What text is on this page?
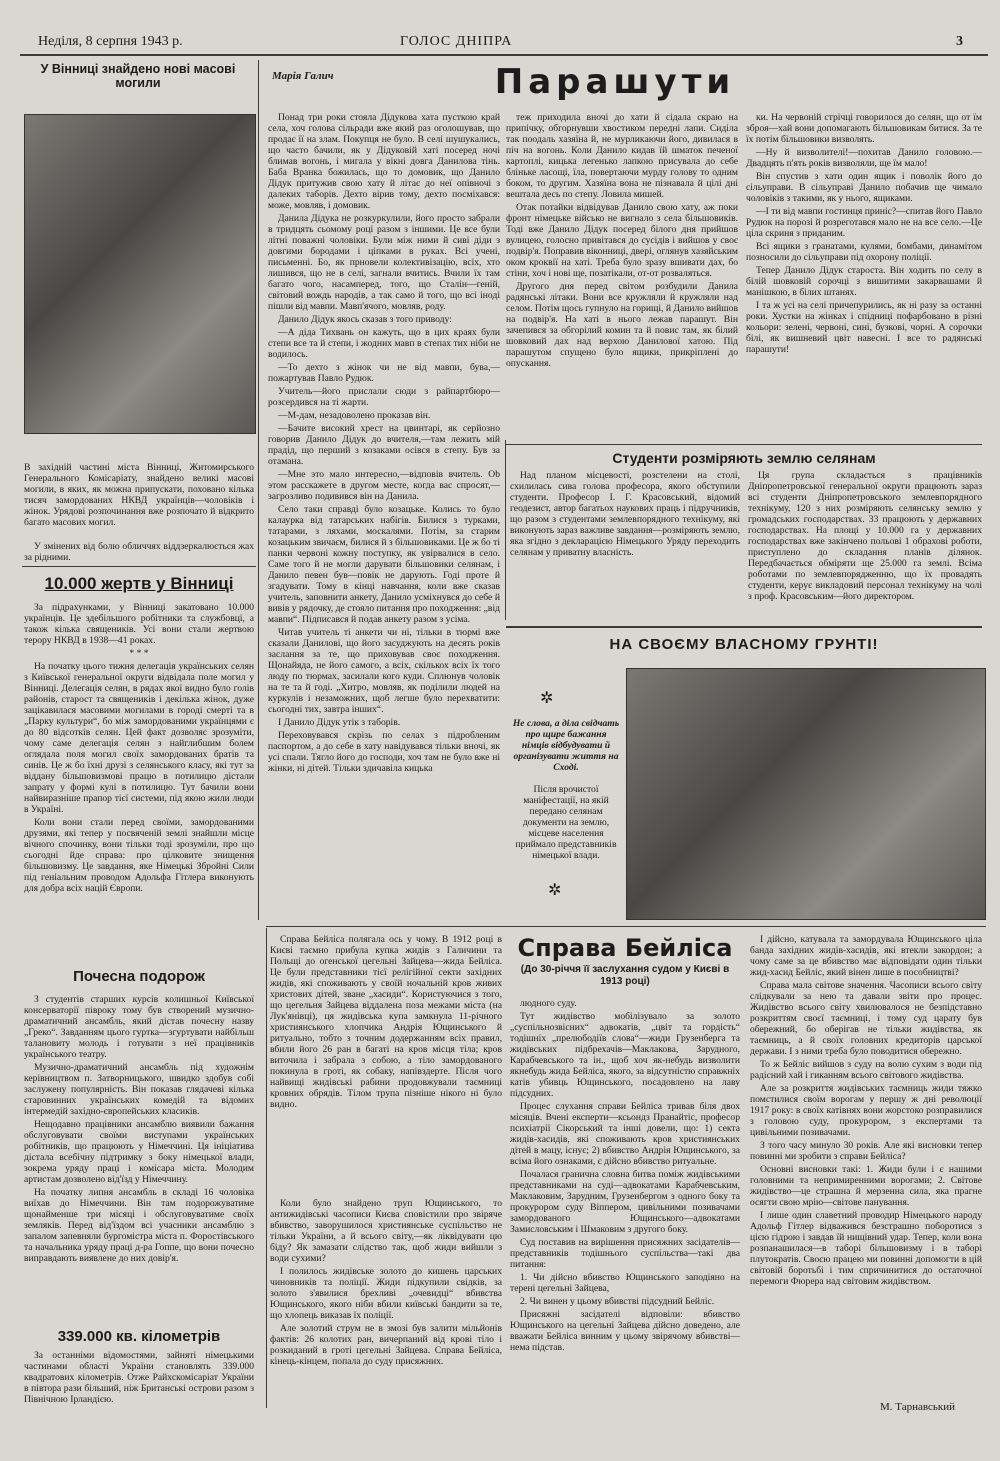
Неділя, 8 серпня 1943 р.	ГОЛОС ДНІПРА	3
У Вінниці знайдено нові масові могили
В західній частині міста Вінниці, Житомирського Генерального Комісаріату, знайдено великі масові могили, в яких, як можна припускати, поховано кілька тисяч замордованих НКВД українців—чоловіків і жінок. Урядові розпочинання вже розпочато й відкрито багато масових могил.
У змінених від болю обличчях віддзеркалюється жах за рідними.
10.000 жертв у Вінниці

За підрахунками, у Вінниці закатовано 10.000 українців. Це здебільшого робітники та службовці, а також кілька священиків. Усі вони стали жертвою терору НКВД в 1938—41 роках.

* * *

На початку цього тижня делегація українських селян з Київської генеральної округи відвідала поле могил у Вінниці. Делегація селян, в рядах якої видно було голів районів, старост та священиків і декілька жінок, дуже зацікавилася масовими могилами в городі смерті та в „Парку культури“, бо між замордованими українцями є до 80 відсотків селян. Цей факт дозволяє зрозуміти, чому саме делегація селян з найглибшим болем оглядала поля могил своїх замордованих братів та синів. Це ж бо їхні друзі з селянського класу, які тут за віддану більшовизмові працю в потилицю дістали запрату у формі кулі в потилицю. Тут бачили вони найвиразніше прапор тієї системи, під якою жили люди в Україні.

Коли вони стали перед своїми, замордованими друзями, які тепер у посвяченій землі знайшли місце вічного спочинку, вони тільки тоді зрозуміли, про що сьогодні йде справа: про цілковите знищення більшовизму. Це завдання, яке Німецькі Збройні Сили під геніальним проводом Адольфа Гітлера виконують для добра всіх націй Європи.

Почесна подорож

З студентів старших курсів колишньої Київської консерваторії півроку тому був створений музично-драматичний ансамбль, який дістав почесну назву „Греко“. Завданням цього гуртка—згуртувати найбільш талановиту молодь і готувати з неї працівників українського театру.

Музично-драматичний ансамбль під художнім керівництвом п. Затворницького, швидко здобув собі заслужену популярність. Він показав глядачеві кілька старовинних українських комедій та відомих інтермедій західно-європейських класиків.

Нещодавно працівники ансамблю виявили бажання обслуговувати своїми виступами українських робітників, що працюють у Німеччині. Ця ініціатива дістала всебічну підтримку з боку німецької влади, зокрема уряду праці і комісара міста. Молодим артистам дозволено від'їзд у Німеччину.

На початку липня ансамбль в складі 16 чоловіка виїхав до Німеччини. Він там подорожуватиме щонайменше три місяці і обслуговуватиме своїх земляків. Перед від'їздом всі учасники ансамблю з запалом запевняли бургомістра міста п. Форостівського та начальника уряду праці д-ра Гоппе, що вони почесно виправдають виявлене до них довір'я.

339.000 кв. кілометрів

За останніми відомостями, зайняті німецькими частинами області України становлять 339.000 квадратових кілометрів. Отже Райхскомісаріат України в півтора рази більший, ніж Британські острови разом з Північною Ірландією.

Марія Галич	Парашути

Понад три роки стояла Дідукова хата пусткою край села, хоч голова сільради вже який раз оголошував, що продає її на злам. Покупця не було. В селі шушукались, що часто бачили, як у Дідуковій хаті посеред ночі блимав вогонь, і мигала у вікні довга Данилова тінь. Баба Вранка божилась, що то домовик, що Данило Дідук притужив свою хату й літає до неї опівночі з далеких таборів. Дехто вірив тому, дехто посміхався: може, мовляв, і домовик.

Данила Дідука не розкуркулили, його просто забрали в тридцять сьомому році разом з іншими. Це все були літні поважні чоловіки. Були між ними й сиві діди з довгими бородами і ціпками в руках. Всі учені, письменні. Бо, як прновели колективізацію, всіх, хто лишився, що не в селі, загнали вчитись. Вчили їх там багато чого, насамперед, того, що Сталін—геній, світовий вождь народів, а так само й того, що всі іноді пішли від мавпи. Мавп'ячого, мовляв, роду.

Данило Дідук якось сказав з того приводу:

—А діда Тихвань он кажуть, що в цих краях були степи все та й степи, і жодних мавп в степах тих ніби не водилось.

—То дехто з жінок чи не від мавпи, бува,—пожартував Павло Рудюк.

Учитель—його прислали сюди з райпартбюро—розсердився на ті жарти.

—М-дам, незадоволено проказав він.

—Бачите високий хрест на цвинтарі, як серйозно говорив Данило Дідук до вчителя,—там лежить мій прадід, що перший з козаками осівся в степу. Був за отамана.

—Мне это мало интересно,—відповів вчитель. Ob этом расскажете в другом месте, когда вас спросят,—загрозливо подивився він на Данила.

Село таки справді було козацьке. Колись то було калаурка від татарських набігів. Билися з турками, татарами, з ляхами, москалями. Потім, за старим козацьким звичаєм, билися й з більшовиками. Це ж бо ті панки червоні кожну поступку, як увірвалися в село. Саме того й не могли дарувати більшовики селянам, і Данило певен був—повік не дарують. Годі проте й згадувати. Тому в кінці навчання, коли вже сказав учитель, заповнити анкету, Данило усміхнувся до себе й вивів у рядочку, де стояло питання про походження: „від мавпи“. Підписався й подав анкету разом з усіма.

Читав учитель ті анкети чи ні, тільки в тюрмі вже сказали Данилові, що його засуджують на десять років заслання за те, що приховував своє походження. Щонайяда, не його самого, а всіх, скількох всіх їх того люду по тюрмах, засилали кого куди. Сплюнув чоловік на те та й годі. „Хитро, мовляв, як поділили людей на куркулів і незаможних, щоб легше було перехватити: сьогодні тих, завтра інших“.

І Данило Дідук утік з таборів.

Переховувався скрізь по селах з підробленим паспортом, а до себе в хату навідувався тільки вночі, як усі спали. Тягло його до господи, хоч там не було вже ні жінки, ні дітей. Тільки здичавіла кицька

теж приходила вночі до хати й сідала скраю на припічку, обгорнувши хвостиком передні лапи. Сиділа так поодаль хазяїна й, не мурликаючи його, дивилася в піч на вогонь. Коли Данило кидав їй шматок печеної картоплі, кицька легенько лапкою присувала до себе бліньке ласощі, їла, повертаючи мурду голову то одним боком, то другим. Хазяїна вона не пізнавала й цілі дні вештала десь по степу. Ловила мишей.

Отак потайки відвідував Данило свою хату, аж поки фронт німецьке військо не вигнало з села більшовиків. Тоді вже Данило Дідук посеред білого дня прийшов вулицею, голосно привітався до сусідів і вийшов у своє подвір'я. Поправив віконниці, двері, оглянув хазяйським оком кроквії на хаті. Треба було зразу вшивати дах, бо стіни, хоч і нові ще, позатікали, от-от розваляться.

Другого дня перед світом розбудили Данила радянські літаки. Вони все кружляли й кружляли над селом. Потім щось гупнуло на горищі, й Данило вийшов на подвір'я. На хаті в нього лежав парашут. Він зачепився за обгорілий комин та й повис там, як білий шовковий дах над верхою Данилової хатою. Під парашутом спущено було ящики, прикріплені до опускання.

ки. На червоній стрічці говорилося до селян, що от їм зброя—хай вони допомагають більшовикам битися. За те їх потім більшовики визволять.

—Ну й визволителі!—похитав Данило головою.—Двадцять п'ять років визволяли, ще їм мало!

Він спустив з хати один ящик і поволік його до сільуправи. В сільуправі Данило побачив ще чимало чоловіків з такими, як у нього, ящиками.

—І ти від мавпи гостинця приніс?—спитав його Павло Рудюк на порозі й розреготався мало не на все село.—Це ціла скриня з приданим.

Всі ящики з гранатами, кулями, бомбами, динамітом позносили до сільуправи під охорону поліції.

Тепер Данило Дідук староста. Він ходить по селу в білій шовковій сорочці з вишитими закарвашами й манішкою, в білих штанях.

І та ж усі на селі причепурились, як ні разу за останні роки. Хустки на жінках і спідниці пофарбовано в різні кольори: зелені, червоні, сині, бузкові, чорні. А сорочки білі, як вишневий цвіт навесні. І все то радянські парашути!

Студенти розміряють землю селянам

Над планом місцевості, розстелени на столі, схилилась сива голова професора, якого обступили студенти. Професор І. Г. Красовський, відомий геодезист, автор багатьох наукових праць і підручників, що разом з студентами землевпорядного технікуму, які виконують зараз важливе завдання—розміряють землю, яка згідно з декларацією Німецького Уряду переходить селянам у приватну власність.

Ця група складається з працівників Дніпропетровської генеральної округи працюють зараз всі студенти Дніпропетровського землевпорядного технікуму, 120 з них розміряють селянську землю у громадських господарствах. 33 працюють у державних господарствах. На площі у 10.000 га у державних господарствах вже закінчено польові 1 обрахові роботи, приступлено до складання планів ділянок. Передбачається обміряти ще 25.000 га землі. Всіма роботами по землевпорядженню, що їх провадять студенти, керує викладовий персонал технікуму на чолі з проф. Красовським—його директором.

НА СВОЄМУ ВЛАСНОМУ ГРУНТІ!
✲
Не слова, а діла свідчать про щире бажання німців відбудувати й організувати життя на Сході.
Після врочистої маніфестації, на якій передано селянам документи на землю, місцеве населення приймало представників німецької влади.
✲
Справа Бейліса
(До 30-річчя її заслухання судом у Києві в 1913 році)

Справа Бейліса полягала ось у чому. В 1912 році в Києві таємно прибула купка жидів з Галичини та Польщі до огенської цегельні Зайцева—жида Бейліса. Це були представники тієї релігійної секти західних жидів, які споживають у своїй ночальній кров живих христових дітей, зване „хасиди“. Користуючися з того, що цегельня Зайцева віддалена поза межами міста (на Лук'янівці), ця жидівська купа замкнула 11-річного християнського хлопчика Андрія Ющинського й ритуально, тобто з точним додержанням всіх правил, вбили його 26 ран в багаті на кров місця тіла; кров виточила і забрала з собою, а тіло замордованого покинула в гроті, як собаку, напівздерте. Після чого найвищі жидівські рабини продовжували таємниці кровних обрядів. Тілом трупа пізніше нікого ні було видно.

Коли було знайдено труп Ющинського, то антижидівські часописи Києва сповістили про звіряче вбивство, заворушилося християнське суспільство не тільки України, а й всього світу,—як ліквідувати цю біду? Як замазати слідство так, щоб жиди вийшли з води сухими?

І полилось жидівське золото до кишень царських чиновників та поліції. Жиди підкупили свідків, за золото з'явилися брехливі „очевидці“ вбивства Ющинського, якого ніби вбили київські бандити за те, що хлопець виказав їх поліції.

Але золотий струм не в змозі був залити мільйонів фактів: 26 колотих ран, вичерпаний від крові тіло і розкиданий в гроті цегельні Зайцева. Справа Бейліса, кінець-кінцем, попала до суду присяжних.

людного суду.

Тут жидівство мобілізувало за золото „суспільнозвісних“ адвокатів, „цвіт та гордість“ тодішніх „прелюбодіїв слова“—жиди Грузенберга та жидівських підбрехачів—Маклакова, Зарудного, Карабчевського та ін., щоб хоч як-небудь визволити якнебудь жида Бейліса, якого, за відсутністю справжніх катів убивць Ющинського, посадовлено на лаву підсудних.

Процес слухання справи Бейліса тривав біля двох місяців. Вчені експерти—ксьондз Пранайтіс, професор психіатрії Сікорський та інші довели, що: 1) секта жидів-хасидів, які споживають кров християнських дітей в мацу, існує; 2) вбивство Андрія Ющинського, за всіма його ознаками, є дійсно вбивство ритуальне.

Почалася гранична словна битва поміж жидівськими представниками на суді—адвокатами Карабчевським, Маклаковим, Зарудним, Грузенбергом з одного боку та прокурором суду Віппером, цивільними позивачами замордованого Ющинського—адвокатами Замисловським і Шмаковим з другого боку.

Суд поставив на вирішення присяжних засідателів—представників тодішнього суспільства—такі два питання:

1. Чи дійсно вбивство Ющинського заподіяно на терені цегельні Зайцева,

2. Чи винен у цьому вбивстві підсудний Бейліс.

Присяжні засідателі відповіли: вбивство Ющинського на цегельні Зайцева дійсно доведено, але вважати Бейліса винним у цьому звірячому вбивстві—нема підстав.

І дійсно, катувала та замордувала Ющинського ціла банда західних жидів-хасидів, які втекли закордон; а чому саме за це вбивство має відповідати один тільки жид-хасид Бейліс, який вінен лише в пособництві?

Справа мала світове значення. Часописи всього світу слідкували за нею та давали звіти про процес. Жидівство всього світу хвилювалося не безпідставно розкриттям своєї таємниці, і тому суд царату був обережний, бо оберігав не тільки жидівства, як таємниць, а й своїх головних кредиторів царської держави. І з ними треба було поводитися обережно.

То ж Бейліс вийшов з суду на волю сухим з води під радісний хай і гиканням всього світового жидівства.

Але за розкриття жидівських таємниць жиди тяжко помстилися своїм ворогам у першу ж дні революції 1917 року: в своїх катівнях вони жорстоко розправилися з головою суду, прокурором, з експертами та цивільними позивачами.

З того часу минуло 30 років. Але які висновки тепер повинні ми зробити з справи Бейліса?

Основні висновки такі: 1. Жиди були і є нашими головними та непримиренними ворогами; 2. Світове жидівство—це страшна й мерзенна сила, яка прагне осягти свою мрію—світове панування.

І лише один славетний проводир Німецького народу Адольф Гітлер відважився безстрашно поборотися з цією гідрою і завдав їй нищівний удар. Тепер, коли вона розпанашилася—в таборі більшовизму і в таборі плутократів. Своєю працею ми повинні допомогти в цій світовій боротьбі і тим спричинитися до остаточної перемоги Фюрера над світовим жидівством.

М. Тарнавський
